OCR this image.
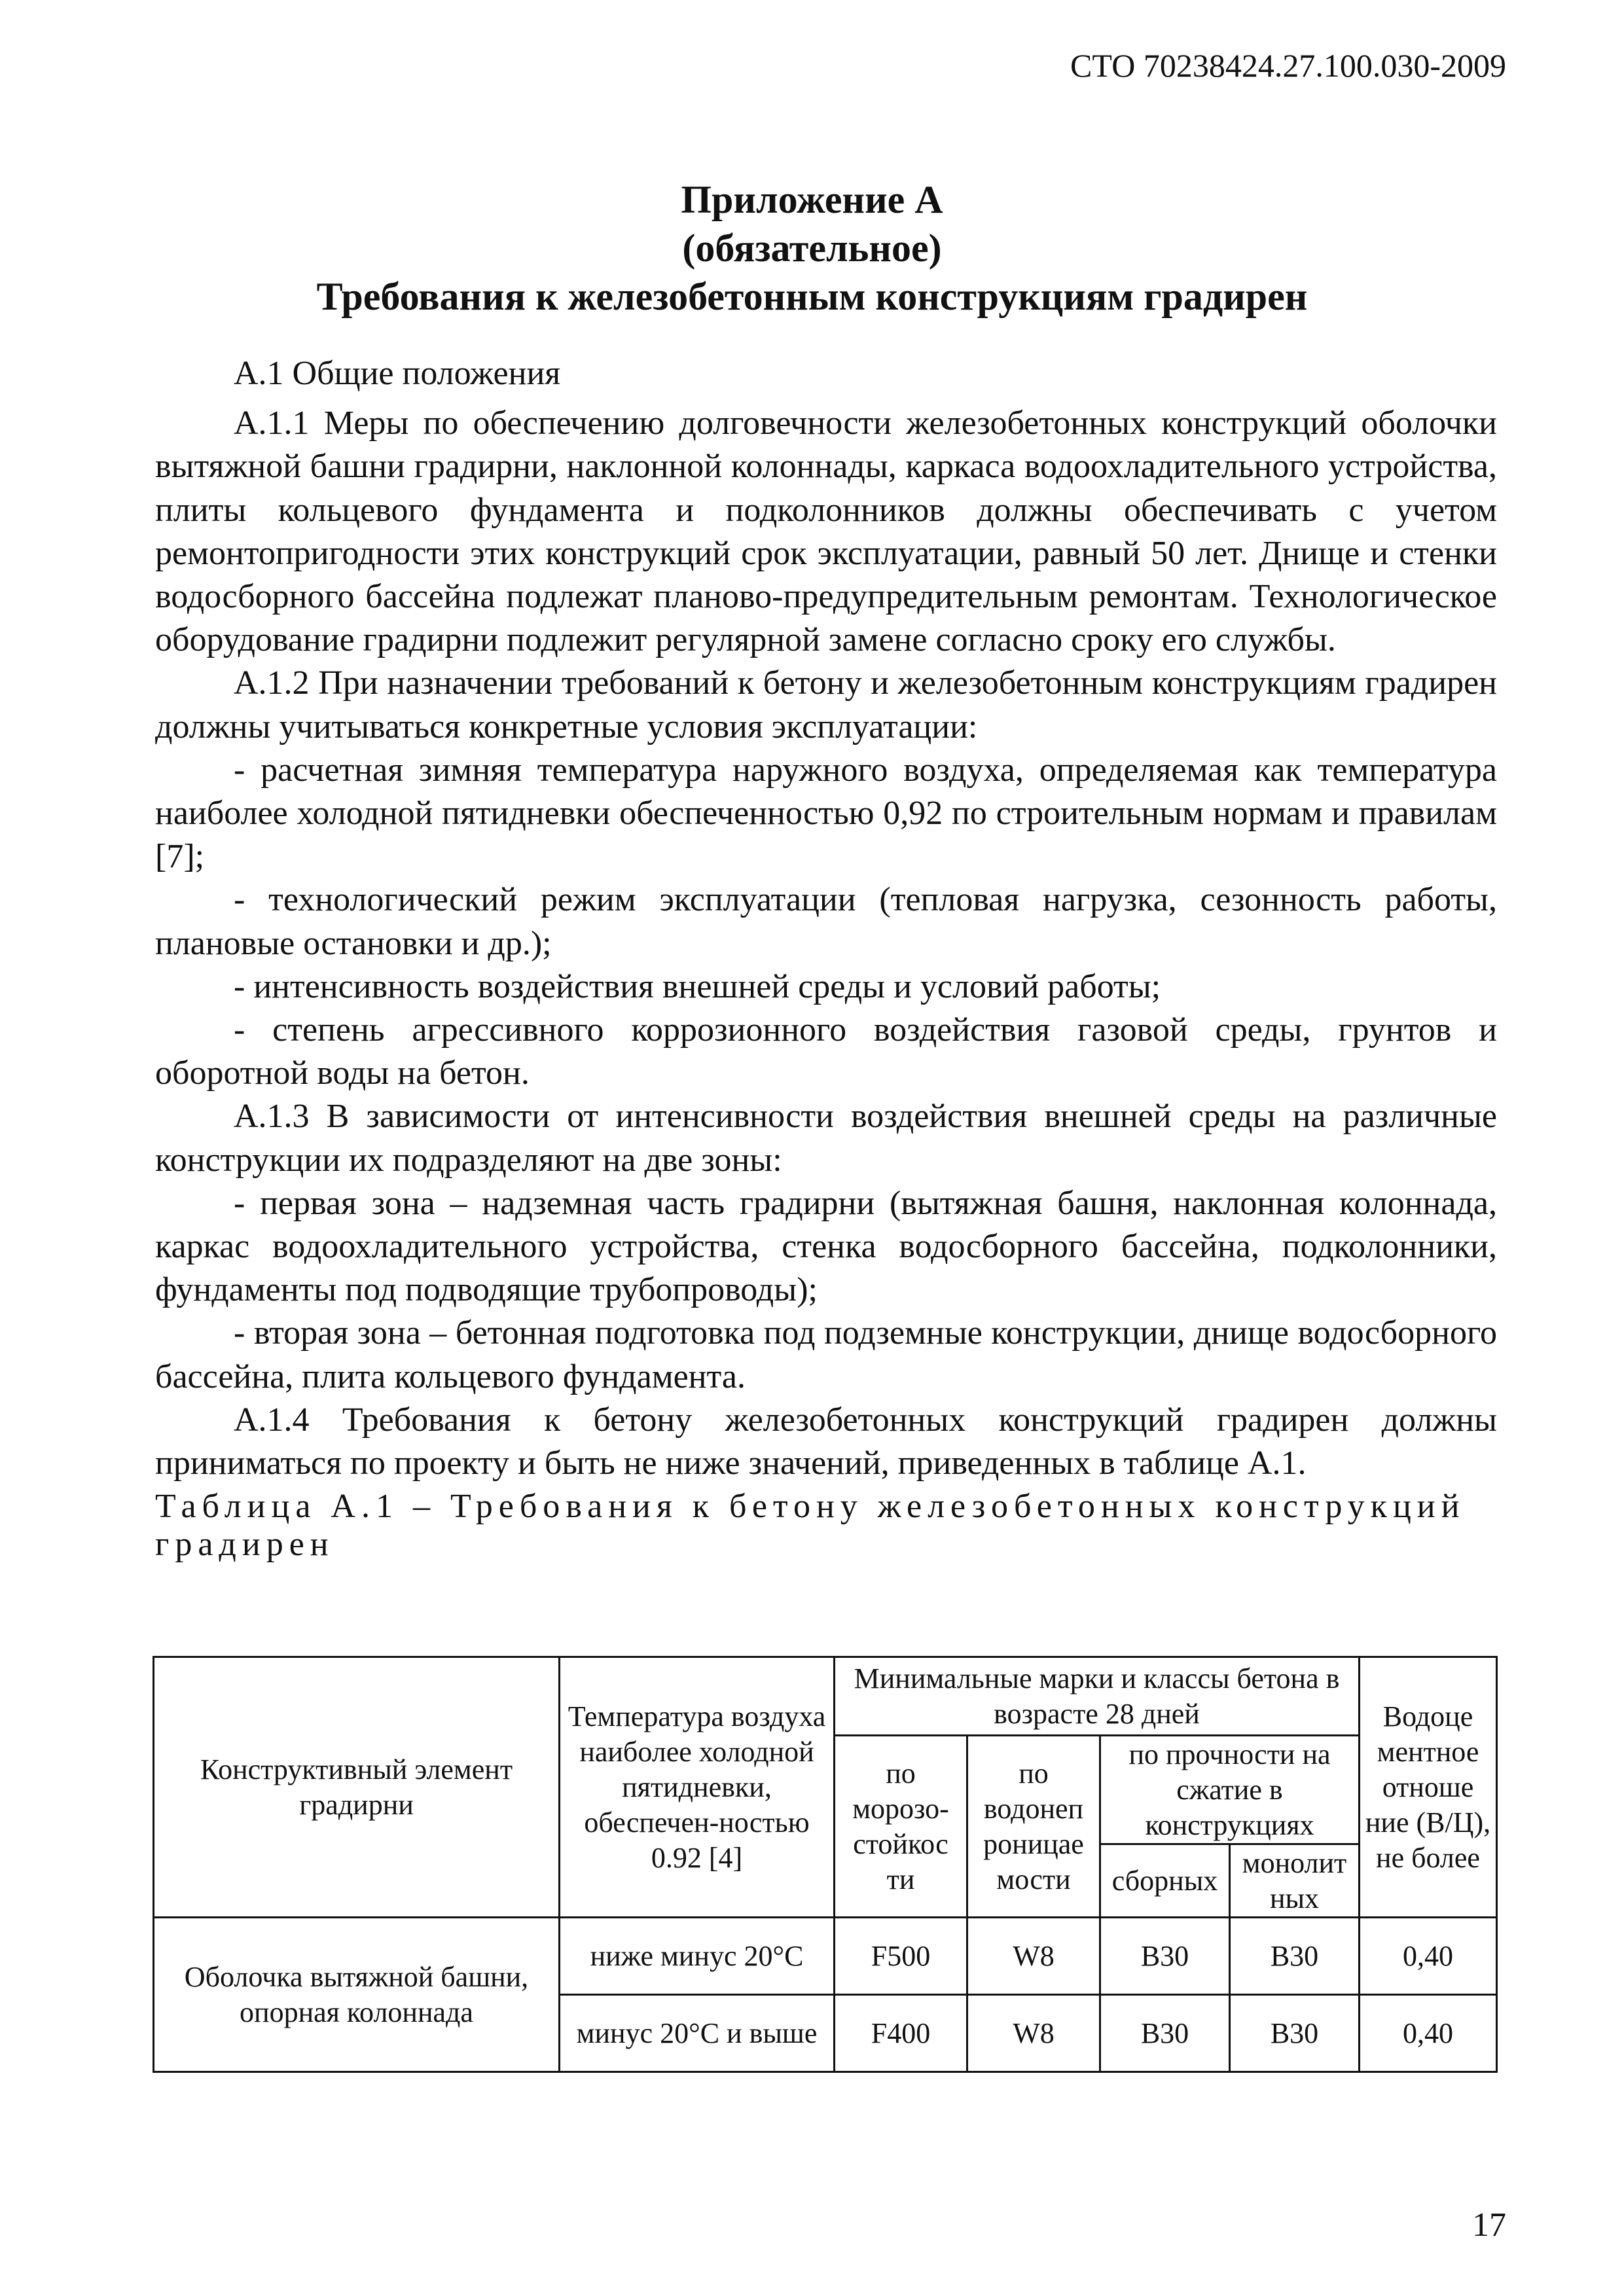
СТО 70238424.27.100.030-2009
Приложение А
(обязательное)
Требования к железобетонным конструкциям градирен

А.1 Общие положения

А.1.1 Меры по обеспечению долговечности железобетонных конструкций оболочки вытяжной башни градирни, наклонной колоннады, каркаса водоохладительного устройства, плиты кольцевого фундамента и подколонников должны обеспечивать с учетом ремонтопригодности этих конструкций срок эксплуатации, равный 50 лет. Днище и стенки водосборного бассейна подлежат планово-предупредительным ремонтам. Технологическое оборудование градирни подлежит регулярной замене согласно сроку его службы.

А.1.2 При назначении требований к бетону и железобетонным конструкциям градирен должны учитываться конкретные условия эксплуатации:

- расчетная зимняя температура наружного воздуха, определяемая как температура наиболее холодной пятидневки обеспеченностью 0,92 по строительным нормам и правилам [7];

- технологический режим эксплуатации (тепловая нагрузка, сезонность работы, плановые остановки и др.);

- интенсивность воздействия внешней среды и условий работы;

- степень агрессивного коррозионного воздействия газовой среды, грунтов и оборотной воды на бетон.

А.1.3 В зависимости от интенсивности воздействия внешней среды на различные конструкции их подразделяют на две зоны:

- первая зона – надземная часть градирни (вытяжная башня, наклонная колоннада, каркас водоохладительного устройства, стенка водосборного бассейна, подколонники, фундаменты под подводящие трубопроводы);

- вторая зона – бетонная подготовка под подземные конструкции, днище водосборного бассейна, плита кольцевого фундамента.

А.1.4 Требования к бетону железобетонных конструкций градирен должны приниматься по проекту и быть не ниже значений, приведенных в таблице А.1.

Таблица А.1 – Требования к бетону железобетонных конструкций

градирен

Конструктивный элемент градирни	Температура воздуха наиболее холодной пятидневки, обеспечен-ностью 0.92 [4]	Минимальные марки и классы бетона в возрасте 28 дней				Водоце ментное отноше ние (В/Ц), не более
		по морозо-стойкос ти	по водонеп роницае мости	по прочности на сжатие в конструкциях		

				сборных	монолит ных	
Оболочка вытяжной башни, опорная колоннада	ниже минус 20°С	F500	W8	B30	B30	0,40
	минус 20°С и выше	F400	W8	B30	B30	0,40
17
